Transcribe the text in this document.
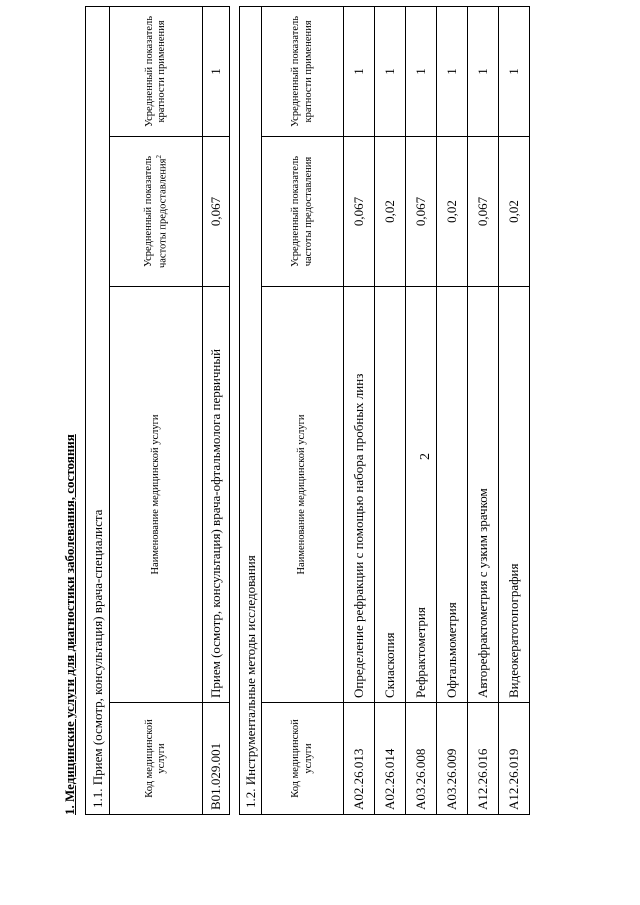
2
1. Медицинские услуги для диагностики заболевания, состояния 1.1. Прием (осмотр, консультация) врача-специалиста			
Код медицинской услуги	Наименование медицинской услуги	Усредненный показатель частоты предоставления$^2$	Усредненный показатель кратности применения
B01.029.001	Прием (осмотр, консультация) врача-офтальмолога первичный	0,067	1
1.2. Инструментальные методы исследования			
Код медицинской услуги	Наименование медицинской услуги	Усредненный показатель частоты предоставления	Усредненный показатель кратности применения
A02.26.013	Определение рефракции с помощью набора пробных линз	0,067	1
A02.26.014	Скиаскопия	0,02	1
A03.26.008	Рефрактометрия	0,067	1
A03.26.009	Офтальмометрия	0,02	1
A12.26.016	Авторефрактометрия с узким зрачком	0,067	1
A12.26.019	Видеокератотопография	0,02	1
